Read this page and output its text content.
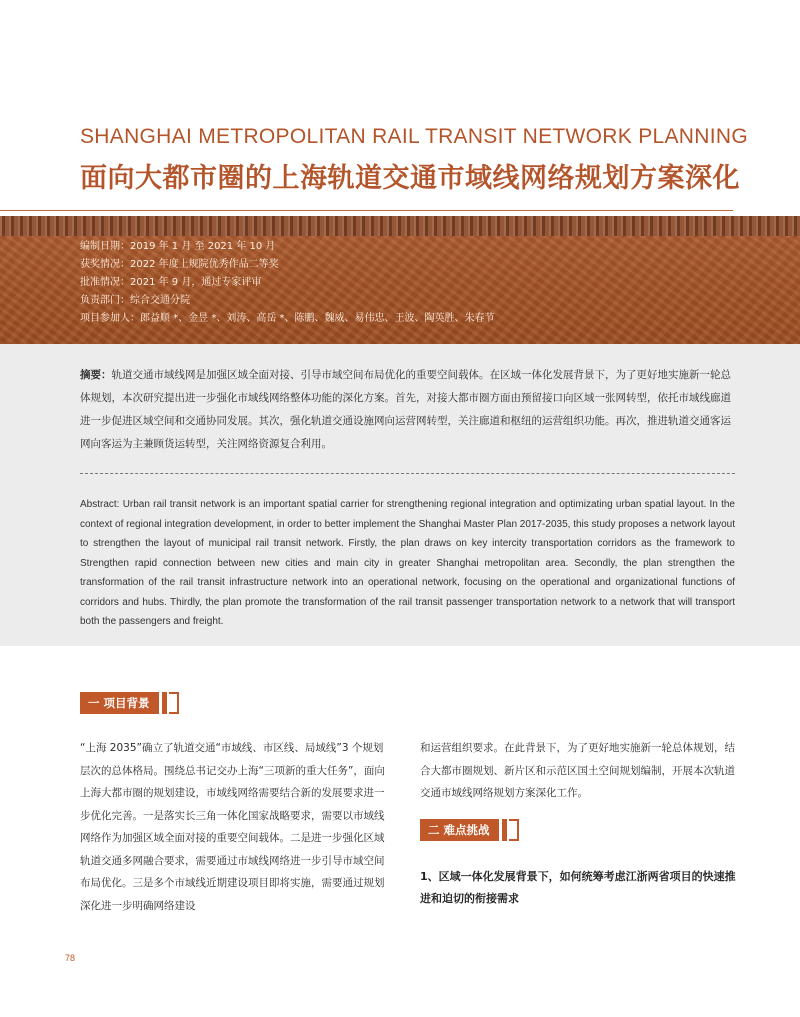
SHANGHAI METROPOLITAN RAIL TRANSIT NETWORK PLANNING
面向大都市圈的上海轨道交通市域线网络规划方案深化
编制日期：2019 年 1 月 至 2021 年 10 月
获奖情况：2022 年度上规院优秀作品二等奖
批准情况：2021 年 9 月，通过专家评审
负责部门：综合交通分院
项目参加人：郎益顺 *、金昱 *、刘涛、高岳 *、陈鹏、魏威、易伟忠、王波、陶英胜、朱春节
摘要：轨道交通市域线网是加强区域全面对接、引导市域空间布局优化的重要空间载体。在区域一体化发展背景下，为了更好地实施新一轮总体规划，本次研究提出进一步强化市域线网络整体功能的深化方案。首先，对接大都市圈方面由预留接口向区域一张网转型，依托市域线廊道进一步促进区域空间和交通协同发展。其次，强化轨道交通设施网向运营网转型，关注廊道和枢纽的运营组织功能。再次，推进轨道交通客运网向客运为主兼顾货运转型，关注网络资源复合利用。
Abstract: Urban rail transit network is an important spatial carrier for strengthening regional integration and optimizating urban spatial layout. In the context of regional integration development, in order to better implement the Shanghai Master Plan 2017-2035, this study proposes a network layout to strengthen the layout of municipal rail transit network. Firstly, the plan draws on key intercity transportation corridors as the framework to Strengthen rapid connection between new cities and main city in greater Shanghai metropolitan area. Secondly, the plan strengthen the transformation of the rail transit infrastructure network into an operational network, focusing on the operational and organizational functions of corridors and hubs. Thirdly, the plan promote the transformation of the rail transit passenger transportation network to a network that will transport both the passengers and freight.
一 项目背景
“上海 2035”确立了轨道交通“市域线、市区线、局域线”3 个规划层次的总体格局。围绕总书记交办上海“三项新的重大任务”，面向上海大都市圈的规划建设，市域线网络需要结合新的发展要求进一步优化完善。一是落实长三角一体化国家战略要求，需要以市域线网络作为加强区域全面对接的重要空间载体。二是进一步强化区域轨道交通多网融合要求，需要通过市域线网络进一步引导市域空间布局优化。三是多个市域线近期建设项目即将实施，需要通过规划深化进一步明确网络建设
和运营组织要求。在此背景下，为了更好地实施新一轮总体规划，结合大都市圈规划、新片区和示范区国土空间规划编制，开展本次轨道交通市域线网络规划方案深化工作。
二 难点挑战
1、区域一体化发展背景下，如何统筹考虑江浙两省项目的快速推进和迫切的衔接需求
78
